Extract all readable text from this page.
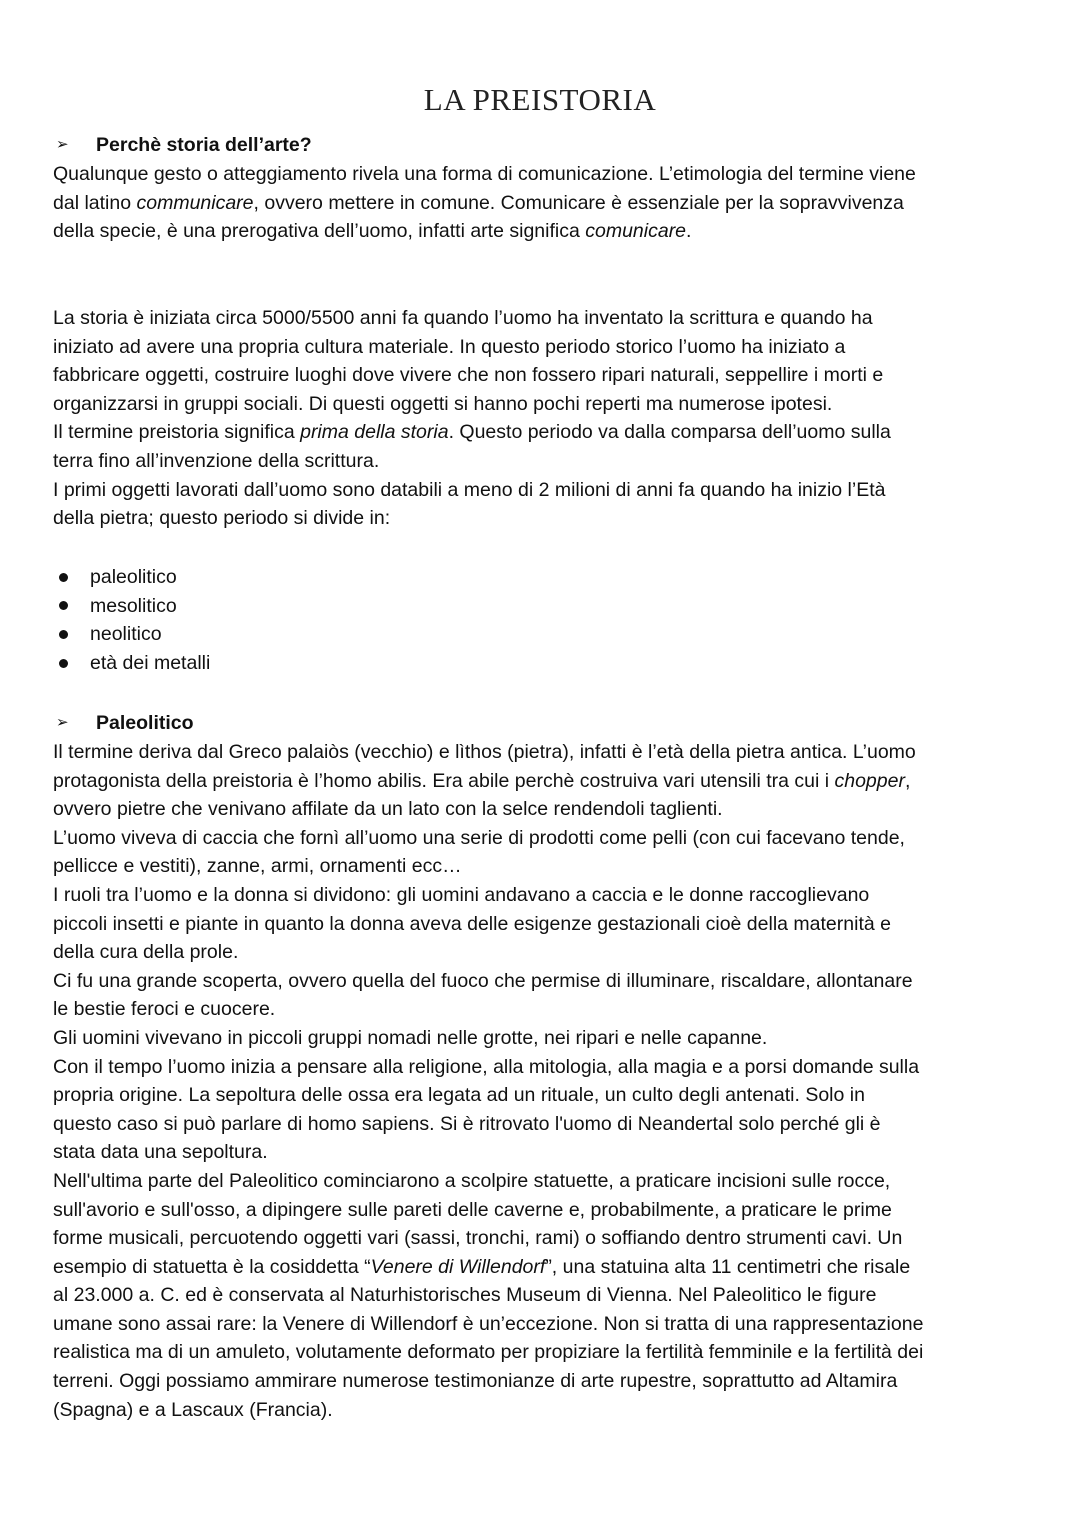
LA PREISTORIA
➢	Perchè storia dell’arte?
Qualunque gesto o atteggiamento rivela una forma di comunicazione. L’etimologia del termine viene
dal latino communicare, ovvero mettere in comune. Comunicare è essenziale per la sopravvivenza
della specie, è una prerogativa dell’uomo, infatti arte significa comunicare.
La storia è iniziata circa 5000/5500 anni fa quando l’uomo ha inventato la scrittura e quando ha
iniziato ad avere una propria cultura materiale. In questo periodo storico l’uomo ha iniziato a
fabbricare oggetti, costruire luoghi dove vivere che non fossero ripari naturali, seppellire i morti e
organizzarsi in gruppi sociali. Di questi oggetti si hanno pochi reperti ma numerose ipotesi.
Il termine preistoria significa prima della storia. Questo periodo va dalla comparsa dell’uomo sulla
terra fino all’invenzione della scrittura.
I primi oggetti lavorati dall’uomo sono databili a meno di 2 milioni di anni fa quando ha inizio l’Età
della pietra; questo periodo si divide in:
paleolitico
mesolitico
neolitico
età dei metalli
➢	Paleolitico
Il termine deriva dal Greco palaiòs (vecchio) e lìthos (pietra), infatti è l’età della pietra antica. L’uomo
protagonista della preistoria è l’homo abilis. Era abile perchè costruiva vari utensili tra cui i chopper,
ovvero pietre che venivano affilate da un lato con la selce rendendoli taglienti.
L’uomo viveva di caccia che fornì all’uomo una serie di prodotti come pelli (con cui facevano tende,
pellicce e vestiti), zanne, armi, ornamenti ecc…
I ruoli tra l’uomo e la donna si dividono: gli uomini andavano a caccia e le donne raccoglievano
piccoli insetti e piante in quanto la donna aveva delle esigenze gestazionali cioè della maternità e
della cura della prole.
Ci fu una grande scoperta, ovvero quella del fuoco che permise di illuminare, riscaldare, allontanare
le bestie feroci e cuocere.
Gli uomini vivevano in piccoli gruppi nomadi nelle grotte, nei ripari e nelle capanne.
Con il tempo l’uomo inizia a pensare alla religione, alla mitologia, alla magia e a porsi domande sulla
propria origine. La sepoltura delle ossa era legata ad un rituale, un culto degli antenati. Solo in
questo caso si può parlare di homo sapiens. Si è ritrovato l'uomo di Neandertal solo perché gli è
stata data una sepoltura.
Nell'ultima parte del Paleolitico cominciarono a scolpire statuette, a praticare incisioni sulle rocce,
sull'avorio e sull'osso, a dipingere sulle pareti delle caverne e, probabilmente, a praticare le prime
forme musicali, percuotendo oggetti vari (sassi, tronchi, rami) o soffiando dentro strumenti cavi. Un
esempio di statuetta è la cosiddetta “Venere di Willendorf”, una statuina alta 11 centimetri che risale
al 23.000 a. C. ed è conservata al Naturhistorisches Museum di Vienna. Nel Paleolitico le figure
umane sono assai rare: la Venere di Willendorf è un’eccezione. Non si tratta di una rappresentazione
realistica ma di un amuleto, volutamente deformato per propiziare la fertilità femminile e la fertilità dei
terreni. Oggi possiamo ammirare numerose testimonianze di arte rupestre, soprattutto ad Altamira
(Spagna) e a Lascaux (Francia).
